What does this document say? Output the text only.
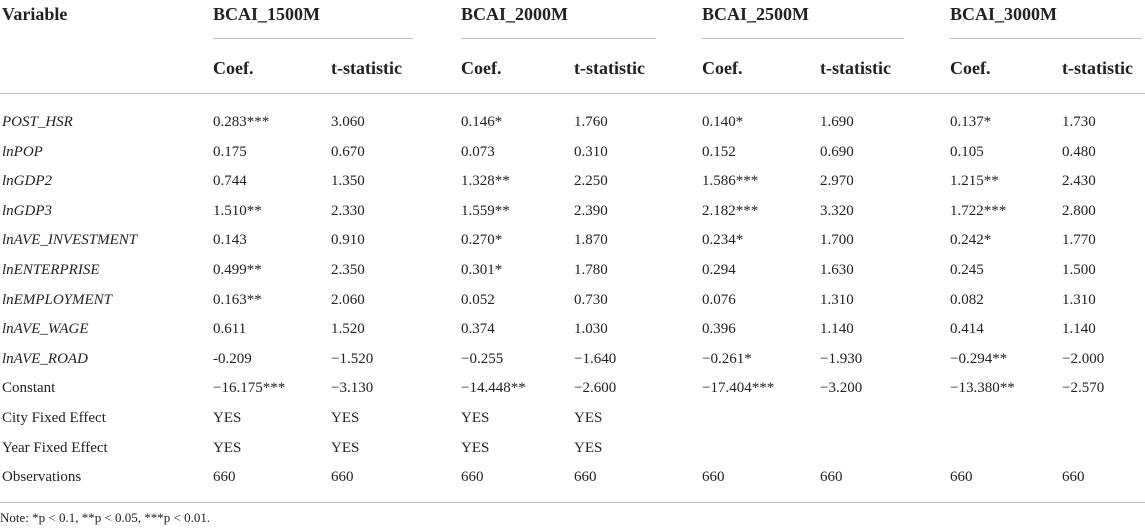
Variable	BCAI_1500M	BCAI_2000M	BCAI_2500M	BCAI_3000M
Coef.	t-statistic	Coef.	t-statistic	Coef.	t-statistic	Coef.	t-statistic
POST_HSR	0.283***	3.060	0.146*	1.760	0.140*	1.690	0.137*	1.730
lnPOP	0.175	0.670	0.073	0.310	0.152	0.690	0.105	0.480
lnGDP2	0.744	1.350	1.328**	2.250	1.586***	2.970	1.215**	2.430
lnGDP3	1.510**	2.330	1.559**	2.390	2.182***	3.320	1.722***	2.800
lnAVE_INVESTMENT	0.143	0.910	0.270*	1.870	0.234*	1.700	0.242*	1.770
lnENTERPRISE	0.499**	2.350	0.301*	1.780	0.294	1.630	0.245	1.500
lnEMPLOYMENT	0.163**	2.060	0.052	0.730	0.076	1.310	0.082	1.310
lnAVE_WAGE	0.611	1.520	0.374	1.030	0.396	1.140	0.414	1.140
lnAVE_ROAD	-0.209	−1.520	−0.255	−1.640	−0.261*	−1.930	−0.294**	−2.000
Constant	−16.175***	−3.130	−14.448**	−2.600	−17.404***	−3.200	−13.380**	−2.570
City Fixed Effect	YES	YES	YES	YES
Year Fixed Effect	YES	YES	YES	YES
Observations	660	660	660	660	660	660	660	660
Note: *p < 0.1, **p < 0.05, ***p < 0.01.
